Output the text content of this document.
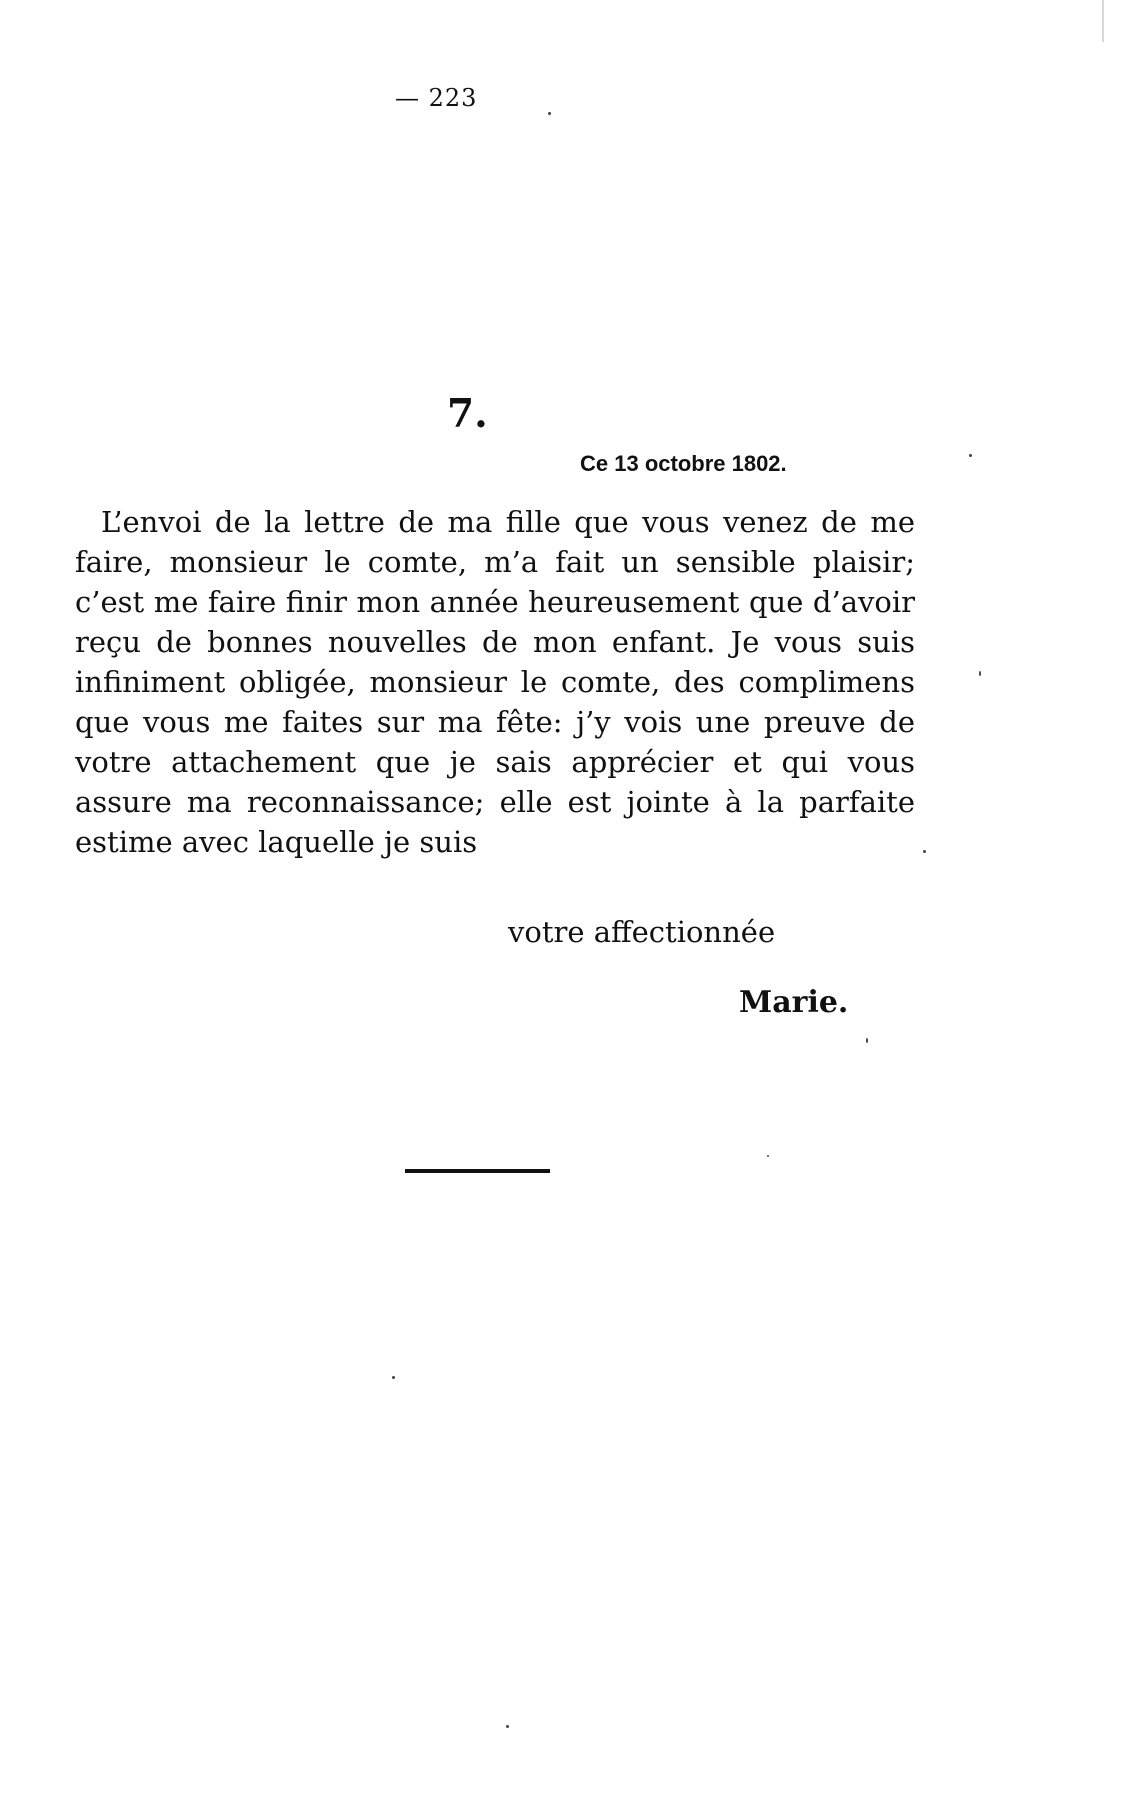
— 223
7.
Ce 13 octobre 1802.

L’envoi de la lettre de ma fille que vous venez de me faire, monsieur le comte, m’a fait un sensible plaisir; c’est me faire finir mon année heureusement que d’avoir reçu de bonnes nouvelles de mon enfant. Je vous suis infiniment obligée, monsieur le comte, des complimens que vous me faites sur ma fête: j’y vois une preuve de votre attachement que je sais apprécier et qui vous assure ma reconnaissance; elle est jointe à la parfaite estime avec laquelle je suis

votre affectionnée
Marie.
